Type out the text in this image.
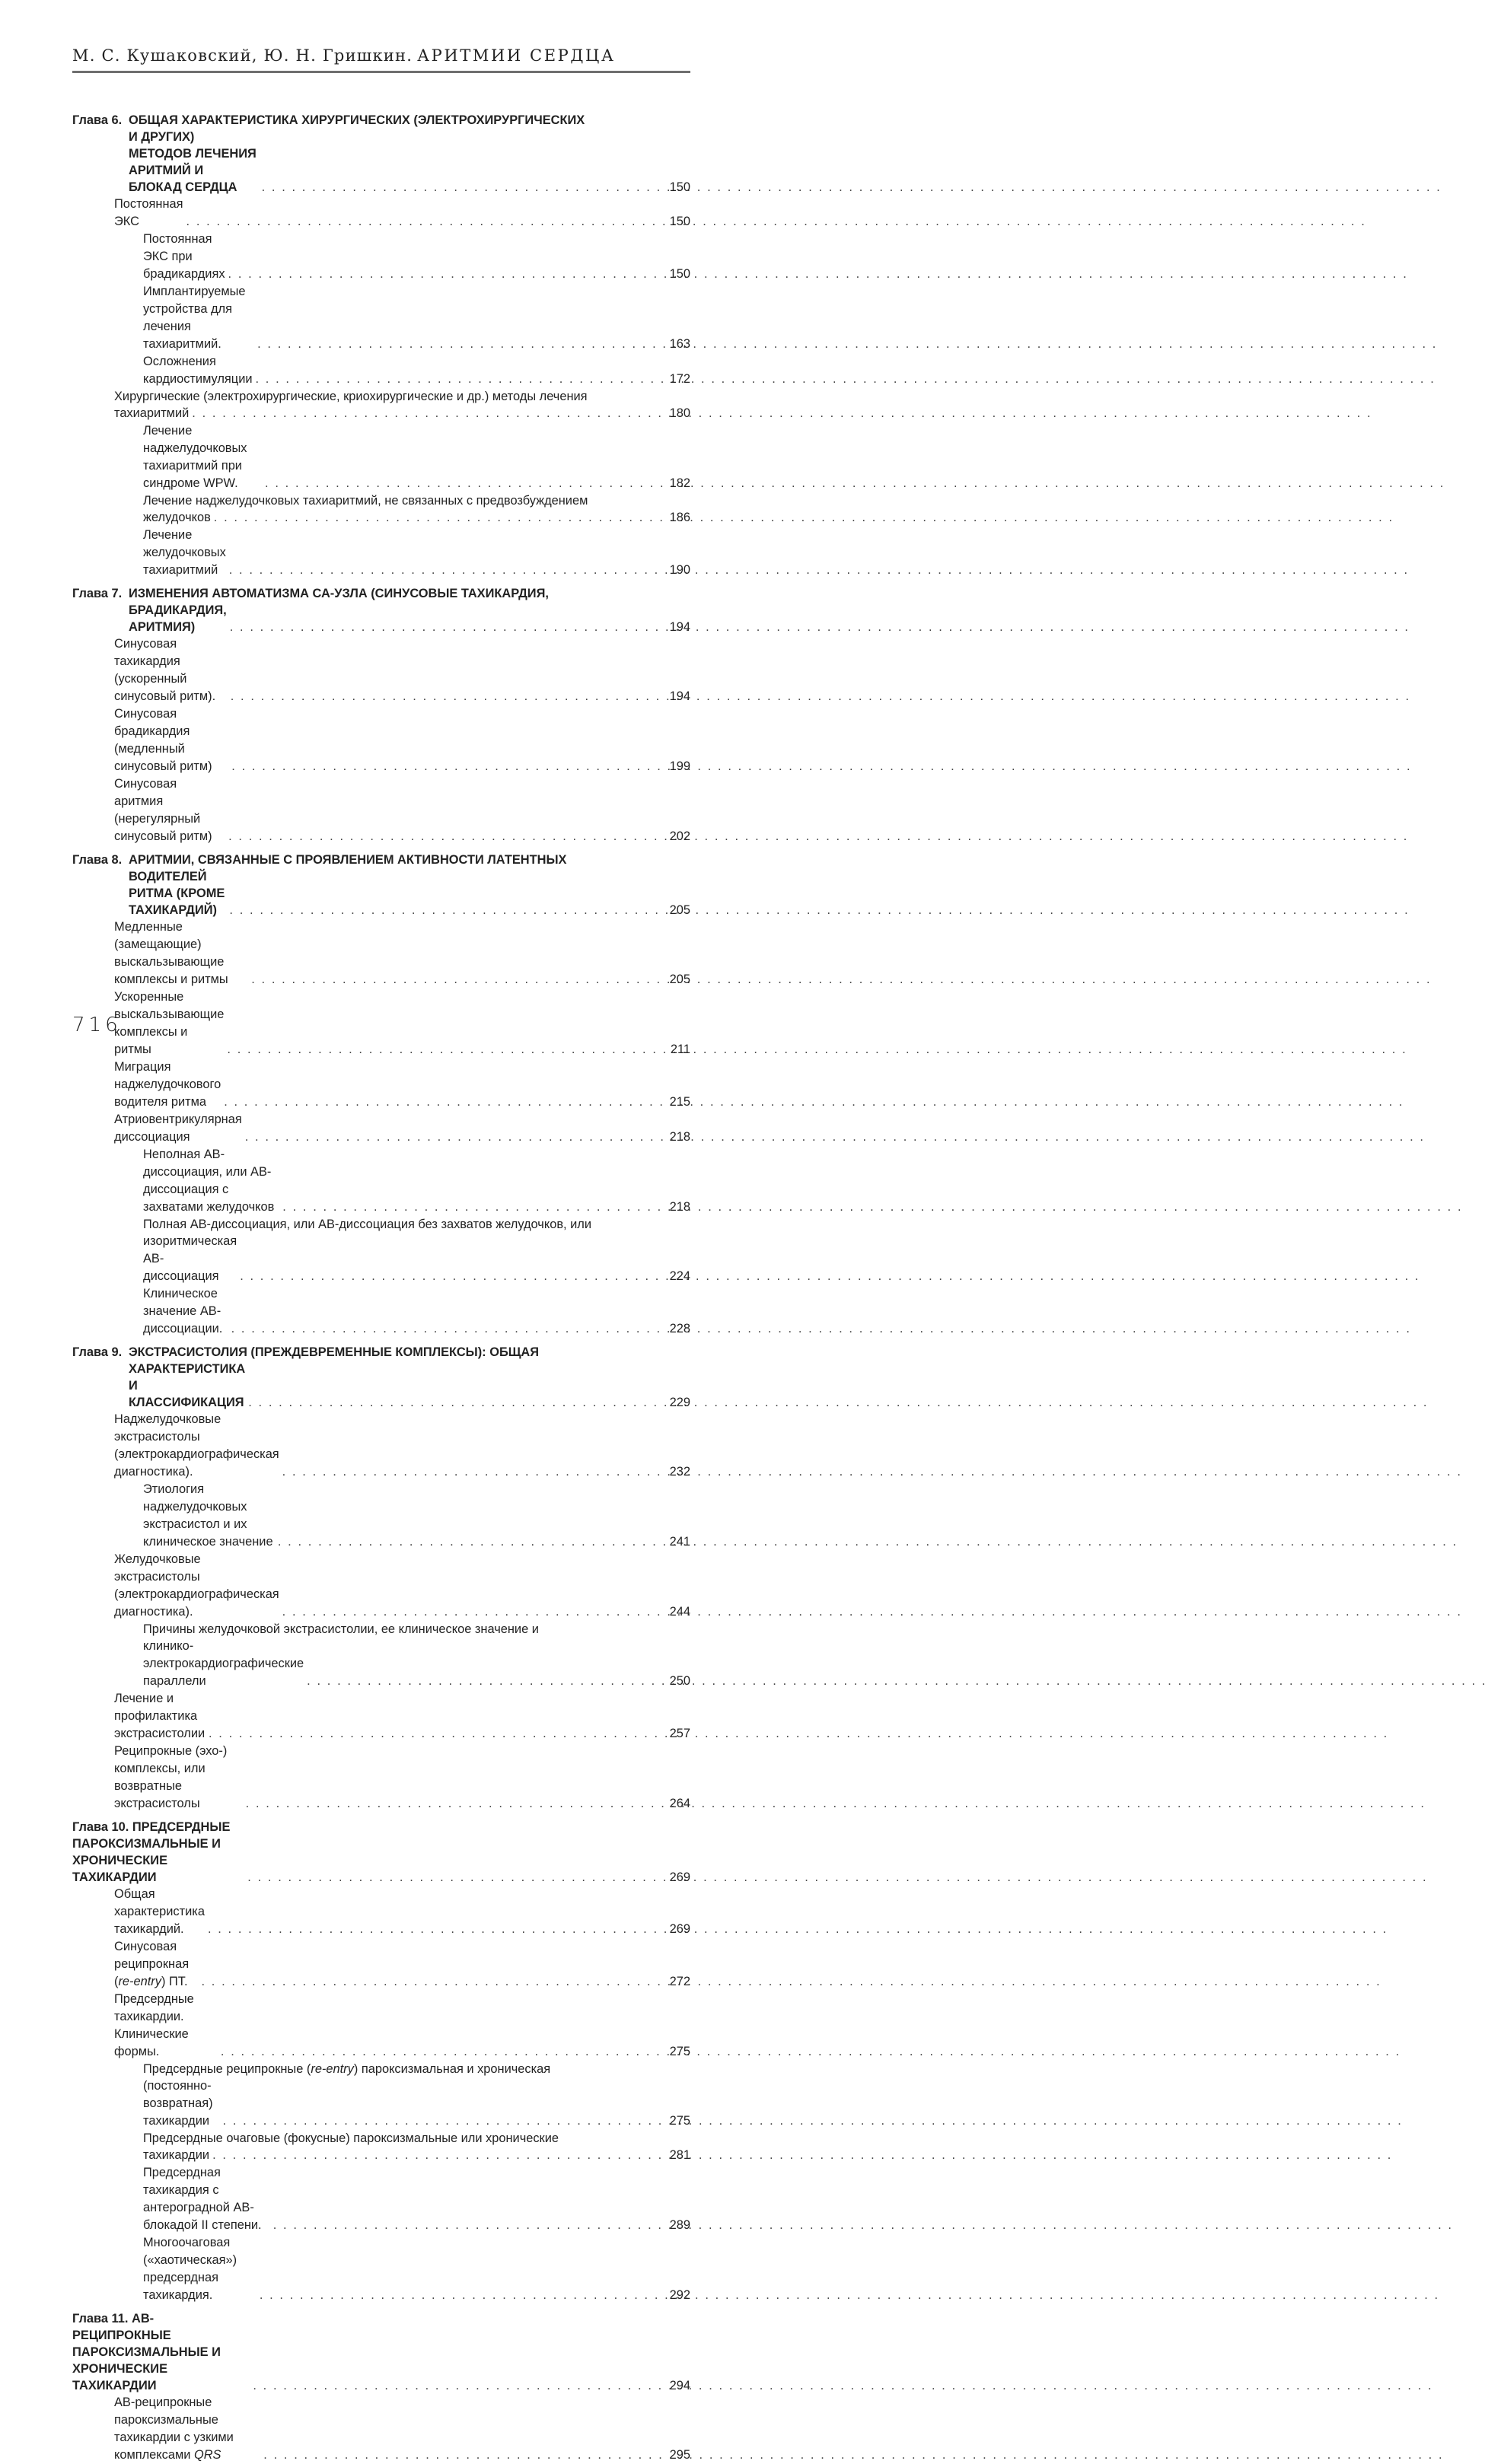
М. С. Кушаковский, Ю. Н. Гришкин. АРИТМИИ СЕРДЦА
Глава 6. ОБЩАЯ ХАРАКТЕРИСТИКА ХИРУРГИЧЕСКИХ (ЭЛЕКТРОХИРУРГИЧЕСКИХ
И ДРУГИХ) МЕТОДОВ ЛЕЧЕНИЯ АРИТМИЙ И БЛОКАД СЕРДЦА . . .	150
Постоянная ЭКС . . .	150
Постоянная ЭКС при брадикардиях . . .	150
Имплантируемые устройства для лечения тахиаритмий. . . .	163
Осложнения кардиостимуляции . . .	172
Хирургические (электрохирургические, криохирургические и др.) методы лечения
тахиаритмий . . .	180
Лечение наджелудочковых тахиаритмий при синдроме WPW. . . .	182
Лечение наджелудочковых тахиаритмий, не связанных с предвозбуждением
желудочков . . .	186
Лечение желудочковых тахиаритмий . . .	190
Глава 7. ИЗМЕНЕНИЯ АВТОМАТИЗМА СА-УЗЛА (СИНУСОВЫЕ ТАХИКАРДИЯ,
БРАДИКАРДИЯ, АРИТМИЯ) . . .	194
Синусовая тахикардия (ускоренный синусовый ритм). . . .	194
Синусовая брадикардия (медленный синусовый ритм) . . .	199
Синусовая аритмия (нерегулярный синусовый ритм) . . .	202
Глава 8. АРИТМИИ, СВЯЗАННЫЕ С ПРОЯВЛЕНИЕМ АКТИВНОСТИ ЛАТЕНТНЫХ
ВОДИТЕЛЕЙ РИТМА (КРОМЕ ТАХИКАРДИЙ) . . .	205
Медленные (замещающие) выскальзывающие комплексы и ритмы . . .	205
Ускоренные выскальзывающие комплексы и ритмы . . .	211
Миграция наджелудочкового водителя ритма . . .	215
Атриовентрикулярная диссоциация . . .	218
Неполная АВ-диссоциация, или АВ-диссоциация с захватами желудочков . . .	218
Полная АВ-диссоциация, или АВ-диссоциация без захватов желудочков, или
изоритмическая АВ-диссоциация . . .	224
Клиническое значение АВ-диссоциации. . . .	228
Глава 9. ЭКСТРАСИСТОЛИЯ (ПРЕЖДЕВРЕМЕННЫЕ КОМПЛЕКСЫ): ОБЩАЯ
ХАРАКТЕРИСТИКА И КЛАССИФИКАЦИЯ . . .	229
Наджелудочковые экстрасистолы (электрокардиографическая диагностика). . . .	232
Этиология наджелудочковых экстрасистол и их клиническое значение . . .	241
Желудочковые экстрасистолы (электрокардиографическая диагностика). . . .	244
Причины желудочковой экстрасистолии, ее клиническое значение и
клинико-электрокардиографические параллели . . .	250
Лечение и профилактика экстрасистолии . . .	257
Реципрокные (эхо-) комплексы, или возвратные экстрасистолы . . .	264
Глава 10. ПРЕДСЕРДНЫЕ ПАРОКСИЗМАЛЬНЫЕ И ХРОНИЧЕСКИЕ ТАХИКАРДИИ . . .	269
Общая характеристика тахикардий. . . .	269
Синусовая реципрокная (re-entry) ПТ. . . .	272
Предсердные тахикардии. Клинические формы. . . .	275
Предсердные реципрокные (re-entry) пароксизмальная и хроническая
(постоянно-возвратная) тахикардии . . .	275
Предсердные очаговые (фокусные) пароксизмальные или хронические
тахикардии . . .	281
Предсердная тахикардия с антероградной АВ-блокадой II степени. . . .	289
Многоочаговая («хаотическая») предсердная тахикардия. . . .	292
Глава 11. АВ-РЕЦИПРОКНЫЕ ПАРОКСИЗМАЛЬНЫЕ И ХРОНИЧЕСКИЕ ТАХИКАРДИИ . . .	294
АВ-реципрокные пароксизмальные тахикардии с узкими комплексами QRS . . .	295
716
